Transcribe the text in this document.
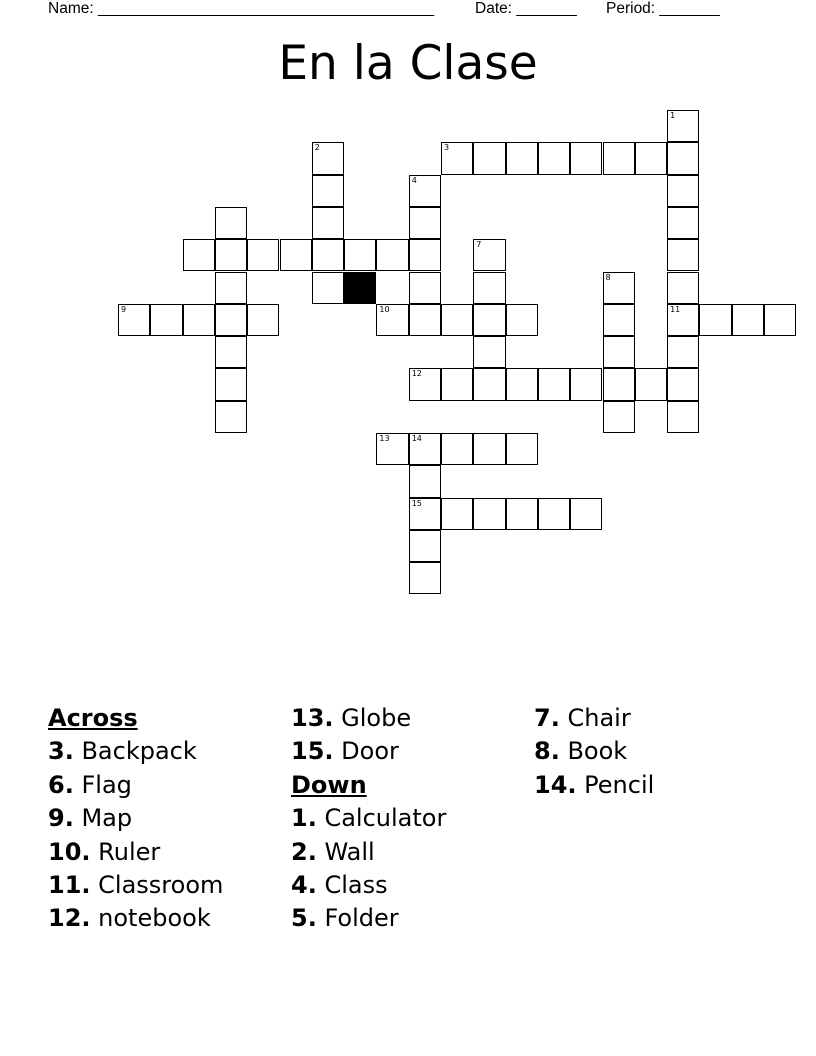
Name: _______________________________________	Date: _______ Period: _______
En la Clase
3
1
11
2
4
7
8
9	10
12
13	14
15
Across
3. Backpack
6. Flag
9. Map
10. Ruler
11. Classroom
12. notebook
13. Globe
15. Door
Down
1. Calculator
2. Wall
4. Class
5. Folder
7. Chair
8. Book
14. Pencil
